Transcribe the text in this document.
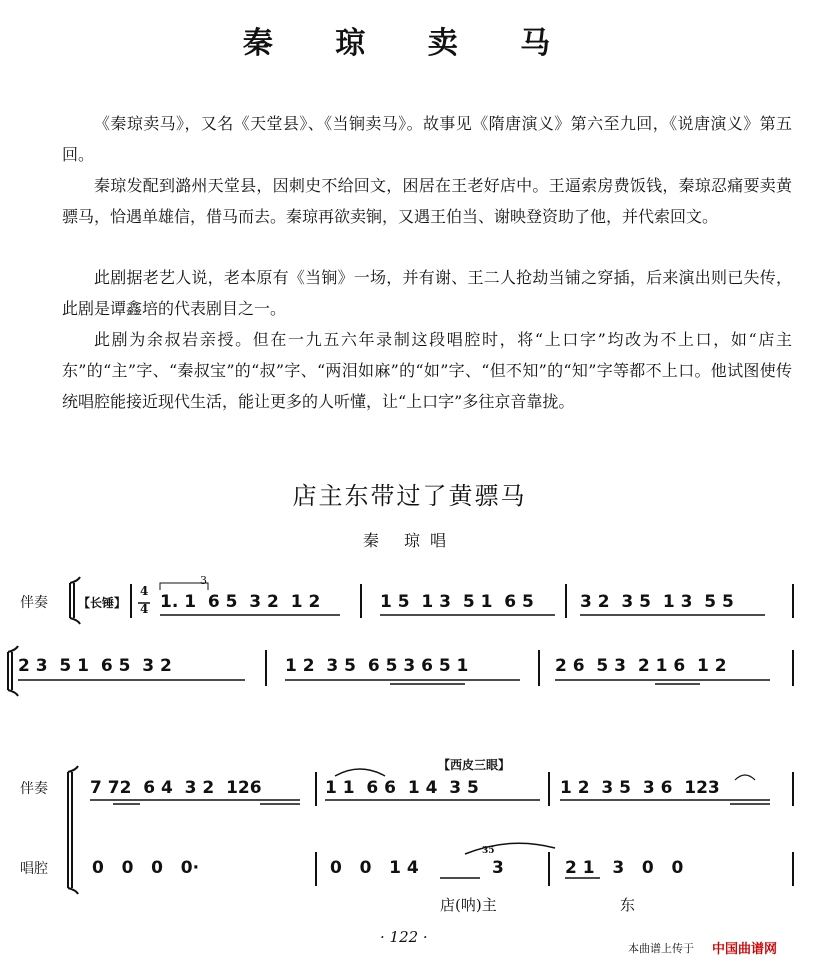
秦 琼 卖 马
《秦琼卖马》，又名《天堂县》、《当锏卖马》。故事见《隋唐演义》第六至九回，《说唐演义》第五回。
秦琼发配到潞州天堂县，因刺史不给回文，困居在王老好店中。王逼索房费饭钱，秦琼忍痛要卖黄骠马，恰遇单雄信，借马而去。秦琼再欲卖锏，又遇王伯当、谢映登资助了他，并代索回文。
此剧据老艺人说，老本原有《当锏》一场，并有谢、王二人抢劫当铺之穿插，后来演出则已失传，此剧是谭鑫培的代表剧目之一。
此剧为余叔岩亲授。但在一九五六年录制这段唱腔时，将“上口字”均改为不上口，如“店主东”的“主”字、“秦叔宝”的“叔”字、“两泪如麻”的“如”字、“但不知”的“知”字等都不上口。他试图使传统唱腔能接近现代生活，能让更多的人听懂，让“上口字”多往京音靠拢。
店主东带过了黄骠马
秦 琼唱
伴奏	【长锤】
4
4
3
1. 1  6 5  3 2  1 2	1 5  1 3  5 1  6 5	3 2  3 5  1 3  5 5
2 3  5 1  6 5  3 2	1 2  3 5  6 5 3 6 5 1	2 6  5 3  2 1 6  1 2
【西皮三眼】
伴奏 7 72  6 4  3 2  126	1 1  6 6  1 4  3 5	1 2  3 5  3 6  123
唱腔	0   0   0   0·	0   0   1 4
35
3	2 1   3   0   0
店(呐)主	东
· 122 ·
本曲谱上传于 中国曲谱网
